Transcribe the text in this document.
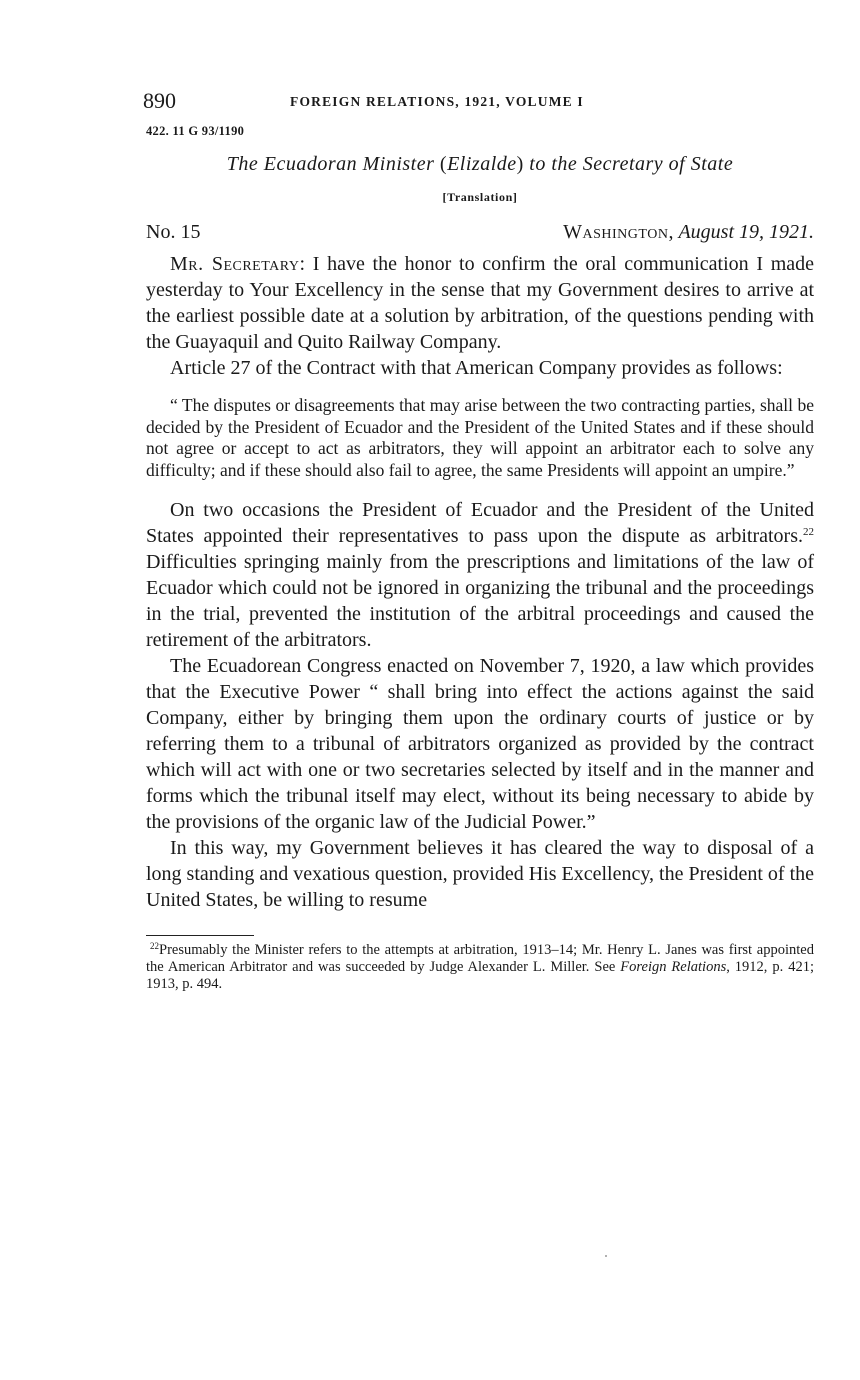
890	FOREIGN RELATIONS, 1921, VOLUME I
422. 11 G 93/1190
The Ecuadoran Minister (Elizalde) to the Secretary of State
[Translation]
No. 15	Washington, August 19, 1921.

Mr. Secretary: I have the honor to confirm the oral communication I made yesterday to Your Excellency in the sense that my Government desires to arrive at the earliest possible date at a solution by arbitration, of the questions pending with the Guayaquil and Quito Railway Company.

Article 27 of the Contract with that American Company provides as follows:

“ The disputes or disagreements that may arise between the two contracting parties, shall be decided by the President of Ecuador and the President of the United States and if these should not agree or accept to act as arbitrators, they will appoint an arbitrator each to solve any difficulty; and if these should also fail to agree, the same Presidents will appoint an umpire.”

On two occasions the President of Ecuador and the President of the United States appointed their representatives to pass upon the dispute as arbitrators.$^{22}$ Difficulties springing mainly from the prescriptions and limitations of the law of Ecuador which could not be ignored in organizing the tribunal and the proceedings in the trial, prevented the institution of the arbitral proceedings and caused the retirement of the arbitrators.

The Ecuadorean Congress enacted on November 7, 1920, a law which provides that the Executive Power “ shall bring into effect the actions against the said Company, either by bringing them upon the ordinary courts of justice or by referring them to a tribunal of arbitrators organized as provided by the contract which will act with one or two secretaries selected by itself and in the manner and forms which the tribunal itself may elect, without its being necessary to abide by the provisions of the organic law of the Judicial Power.”

In this way, my Government believes it has cleared the way to disposal of a long standing and vexatious question, provided His Excellency, the President of the United States, be willing to resume

$^{22}$Presumably the Minister refers to the attempts at arbitration, 1913–14; Mr. Henry L. Janes was first appointed the American Arbitrator and was succeeded by Judge Alexander L. Miller. See Foreign Relations, 1912, p. 421; 1913, p. 494.
